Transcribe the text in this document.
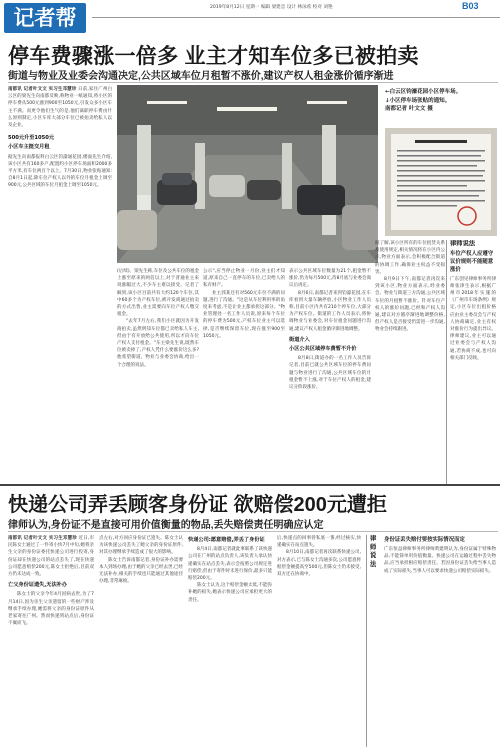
记者帮	2019年8月12日 星期一 编辑 梁建忠 设计 林泳希 校对 刘艳	B03
停车费骤涨一倍多 业主才知车位多已被拍卖
街道与物业及业委会沟通决定,公共区域车位月租暂不涨价,建议产权人租金涨价循序渐进
南都讯 记者叶文文 实习生邓慧珍 日前,家住广州白云区的梁先生向南都反映,称物业一纸通知,将小区的停车费从500元涨到900至1050元,引发众多小区车主不满。而更令他们生气的是,他们离职停车费由什么原则制定,小区车库大部分车位已被拍卖给私人以及企业。
500元升至1050元
小区车主挺交月租
据先生向南都报料白云区钧濠通花园,楼面先生介绍,该小区共有160多户,配置约小区停车场面积2000多平方米,有车位两百个以上。7月30日,物业张贴通知:自8月1日起,除车位产权人以外的车位月租金上调至900元,公共区域的车位月租金上调至1050元。
←白云区钧濠花园小区停车场。
↓小区停车场张贴的通知。
南都记者 叶文文 摄
(后续)。梁先生称,车位及公共车位的租金上涨至原来的两倍以上,对于普通业主来说涨幅过大,不少车主难以接受。记者了解到,该小区目前共有大约120个车位,其中60多个为产权车位,被开发商通过拍卖的方式出售,业主需要向车位产权人缴交租金。
"去年7月左右,我们小区就因为开发商拍卖,虽然明知车位都已卖给私人车主,但由于有开放给公共使用,所以才向车位产权人支付租金。"车主梁先生说,既然车位被卖掉了,产权人凭什么要涨价这么多?他希望街道、物业与业委会协商,给出一个合理的说法。
公示",应当停止物业一月份,业主们才知道,原来自己一直停车的车位,已卖给人的私有财产。
业主郭某还有对560元车位不满的问题,进行了沟通。"这是从车位利用率的角度来考虑,不是让业主都承担这部分。"物业管理处一名工作人员说,原来每个车位的停车费为500元,产权车位业主可以选择,是否继续保留车位,现在涨至900至1050元。
表示公共区域车位数量为21个,租金暂不涨价,仍为每月500元,待8月底与业委会商议后再定。
8月6日,南都记者来到钧濠花园,在车库看到大量车辆停放,小区物业工作人员称,目前小区内共有210个停车位,大部分为产权车位。街道的工作人员表示,将协调物业与业委会,对车位租金问题进行沟通,建议产权人租金循序渐进地调整。
街道介入
小区公共区域停车费暂不升价
8月8日,街道办的一名工作人员告诉记者,目前已就公共区域车位的停车费问题与物业进行了沟通,公共区域车位的月租金暂不上涨,对于车位产权人的租金,建议分阶段涨价。
据了解,该小区所有的车位租赁关系及使用规定,相关情况将在小区内公示,物业方面表示,会积极配合街道的协调工作,确保业主权益不受损害。
8月9日下午,南都记者再次来到该小区,物业方面表示,经业委会、物业与街道三方沟通,公共区域车位的月租暂不涨价。针对车位产权人的涨价问题,已经和产权人沟通,建议对方循序渐进地调整价格,但产权人是否接受仍需进一步沟通,物业会持续跟进。
律师说法
车位产权人应遵守议价规则不能随意涨价
广东创见律师事务所律师张津生表示,根据广州市2018年实施的《广州市车场条例》规定,小区车位出租价格应由业主委员会与产权人协商确定,业主有权对涨价行为提出异议。律师建议,业主可以通过业委会与产权人沟通,若协商不成,也可向相关部门反映。
快递公司弄丢顾客身份证 欲赔偿200元遭拒
律师认为,身份证不是直接可用价值衡量的物品,丢失赔偿责任明确应认定
南都讯 记者叶文文 实习生邓慧珍 近日,市民陈女士通过了一件寄小快7月中旬,她将亲生父亲的身份证委托快递公司进行投寄,身份证却在快递公司的站点丢失了,现在快递公司愿意赔偿200元,陈女士拒绝后,目前双方仍未达成一致。
亡父身份证遗失,无法补办
陈女士的父亲今年4月因病去世,为了7月14日,因为亲生父亲遗留的一些财产涉及继承手续办理,她需将父亲的身份证原件从老家寄往广州。然而快递到站点后,身份证不翼而飞。
点左右,对方回应身份证已遗失。陈女士认为该快递公司丢失了她父亲的身份证原件,对其办理继承手续造成了很大的影响。
陈女士告诉南都记者,身份证补办需要本人到场办理,由于她的父亲已经去世,已经无法补办,相关的手续也只能通过其他途径办理,非常麻烦。
快递公司:愿意赔偿,弄丢了身份证
8月4日,南都记者就此事联系了该快递公司在广州的站点负责人,该负责人承认快递确实在站点丢失,表示会按照公司规定进行赔偿,但由于寄件时未进行保价,最多只能赔偿200元。
陈女士认为,这个赔偿金额太低,不能弥补她的损失,她表示快递公司应承担更大的责任。
后,快递点的回事曾私底一番,经过核实,快递确实在站点遗失。
8月10日,南都记者再次联系快递公司,对方表示,已与陈女士沟通多次,公司愿意将赔偿金额提高至500元,但陈女士仍未接受,双方还在协商中。
律师说法
身份证丢失赔付要按实际情况而定
广东恒益律师事务所律师黄建明认为,身份证属于特殊物品,不能简单用价值衡量。快递公司在运输过程中丢失物品,应当承担相应赔偿责任。若因身份证丢失给当事人造成了实际损失,当事人可以要求快递公司赔偿实际损失。
